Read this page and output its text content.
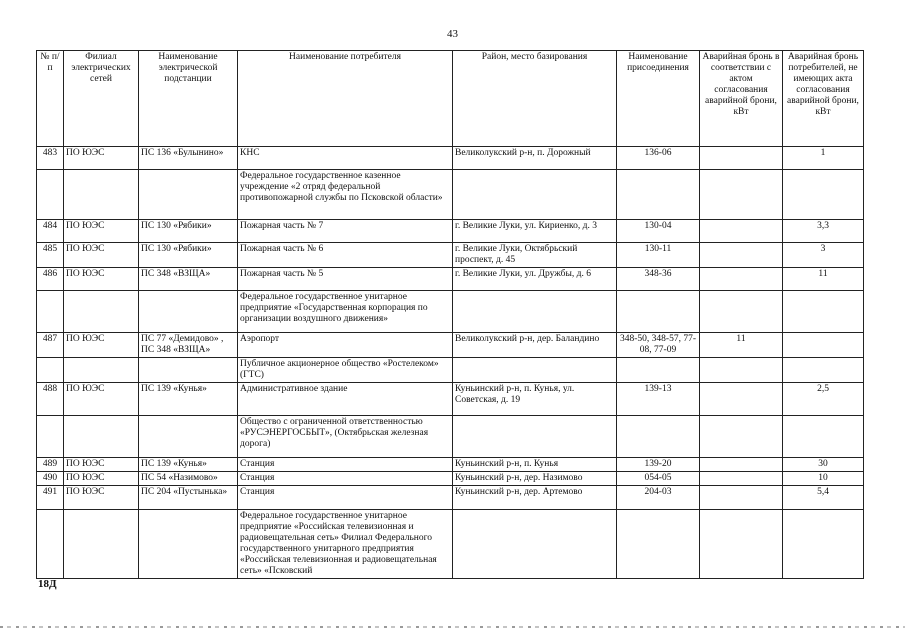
43
№ п/п	Филиал электрических сетей	Наименование электрической подстанции	Наименование потребителя	Район, место базирования	Наименование присоединения	Аварийная бронь в соответствии с актом согласования аварийной брони, кВт	Аварийная бронь потребителей, не имеющих акта согласования аварийной брони, кВт
483	ПО ЮЭС	ПС 136 «Булынино»	КНС	Великолукский р-н, п. Дорожный	136-06		1
			Федеральное государственное казенное учреждение «2 отряд федеральной противопожарной службы по Псковской области»				
484	ПО ЮЭС	ПС 130 «Рябики»	Пожарная часть № 7	г. Великие Луки, ул. Кириенко, д. 3	130-04		3,3
485	ПО ЮЭС	ПС 130 «Рябики»	Пожарная часть № 6	г. Великие Луки, Октябрьский проспект, д. 45	130-11		3
486	ПО ЮЭС	ПС 348 «ВЗЩА»	Пожарная часть № 5	г. Великие Луки, ул. Дружбы, д. 6	348-36		11
			Федеральное государственное унитарное предприятие «Государственная корпорация по организации воздушного движения»				
487	ПО ЮЭС	ПС 77 «Демидово» , ПС 348 «ВЗЩА»	Аэропорт	Великолукский р-н, дер. Баландино	348-50, 348-57, 77-08, 77-09	11	
			Публичное акционерное общество «Ростелеком» (ГТС)				
488	ПО ЮЭС	ПС 139 «Кунья»	Административное здание	Куньинский р-н, п. Кунья, ул. Советская, д. 19	139-13		2,5
			Общество с ограниченной ответственностью «РУСЭНЕРГОСБЫТ», (Октябрьская железная дорога)				
489	ПО ЮЭС	ПС 139 «Кунья»	Станция	Куньинский р-н, п. Кунья	139-20		30
490	ПО ЮЭС	ПС 54 «Назимово»	Станция	Куньинский р-н, дер. Назимово	054-05		10
491	ПО ЮЭС	ПС 204 «Пустынька»	Станция	Куньинский р-н, дер. Артемово	204-03		5,4
			Федеральное государственное унитарное предприятие «Российская телевизионная и радиовещательная сеть» Филиал Федерального государственного унитарного предприятия «Российская телевизионная и радиовещательная сеть» «Псковский				
18Д
